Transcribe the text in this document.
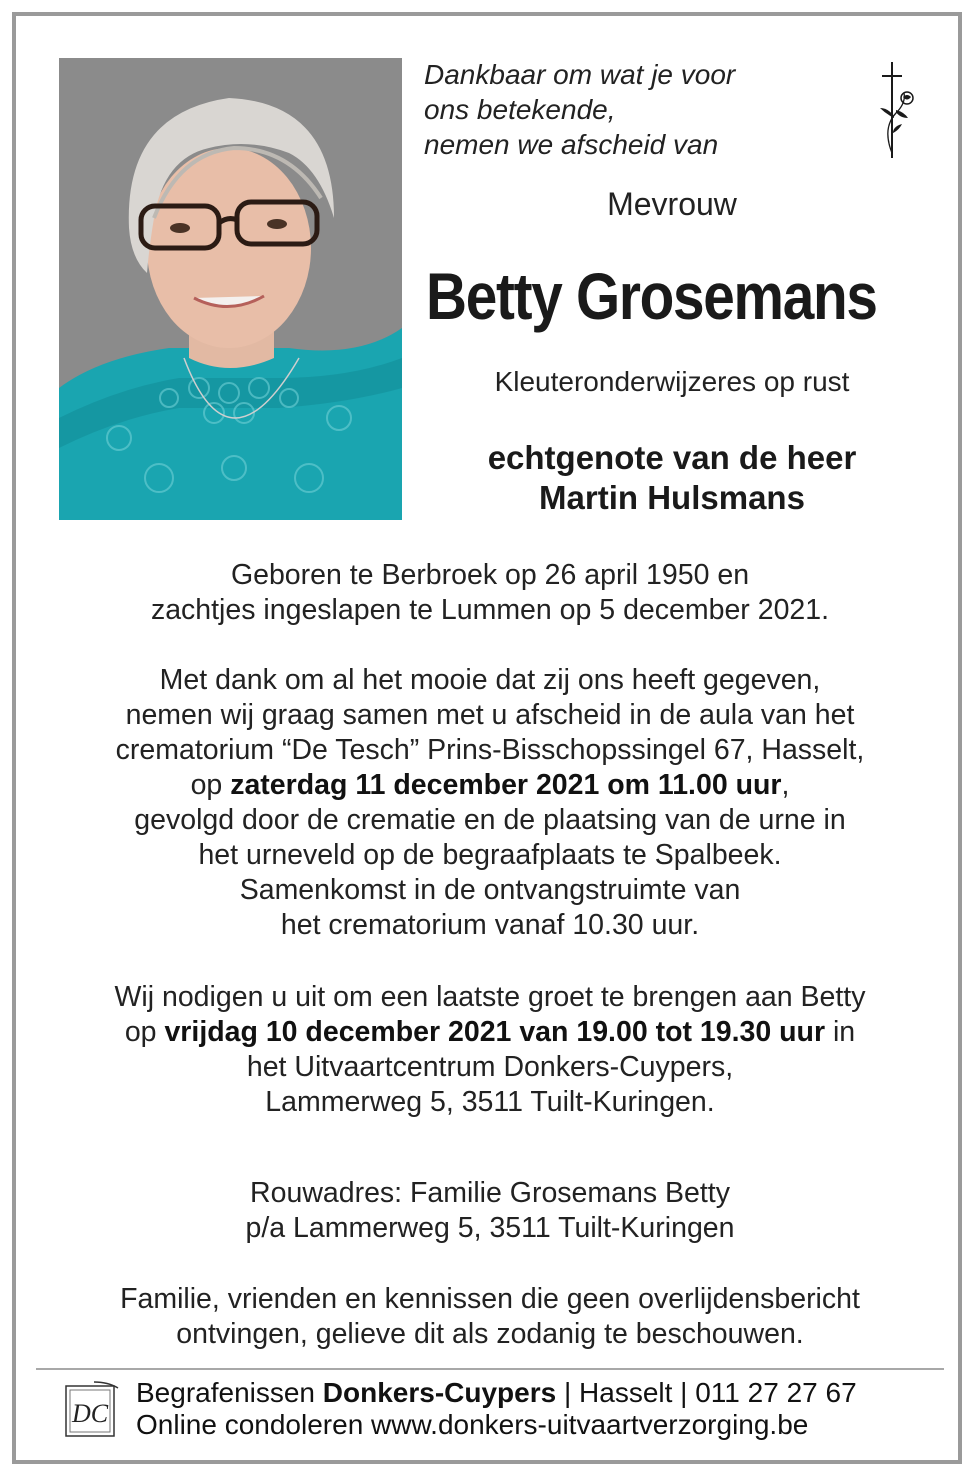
Dankbaar om wat je voor
ons betekende,
nemen we afscheid van
Mevrouw
Betty Grosemans
Kleuteronderwijzeres op rust
echtgenote van de heer
Martin Hulsmans
Geboren te Berbroek op 26 april 1950 en
zachtjes ingeslapen te Lummen op 5 december 2021.
Met dank om al het mooie dat zij ons heeft gegeven,
nemen wij graag samen met u afscheid in de aula van het
crematorium “De Tesch” Prins-Bisschopssingel 67, Hasselt,
op zaterdag 11 december 2021 om 11.00 uur,
gevolgd door de crematie en de plaatsing van de urne in
het urneveld op de begraafplaats te Spalbeek.
Samenkomst in de ontvangstruimte van
het crematorium vanaf 10.30 uur.
Wij nodigen u uit om een laatste groet te brengen aan Betty
op vrijdag 10 december 2021 van 19.00 tot 19.30 uur in
het Uitvaartcentrum Donkers-Cuypers,
Lammerweg 5, 3511 Tuilt-Kuringen.
Rouwadres: Familie Grosemans Betty
p/a Lammerweg 5, 3511 Tuilt-Kuringen
Familie, vrienden en kennissen die geen overlijdensbericht
ontvingen, gelieve dit als zodanig te beschouwen.
DC
Begrafenissen Donkers-Cuypers | Hasselt | 011 27 27 67
Online condoleren www.donkers-uitvaartverzorging.be
